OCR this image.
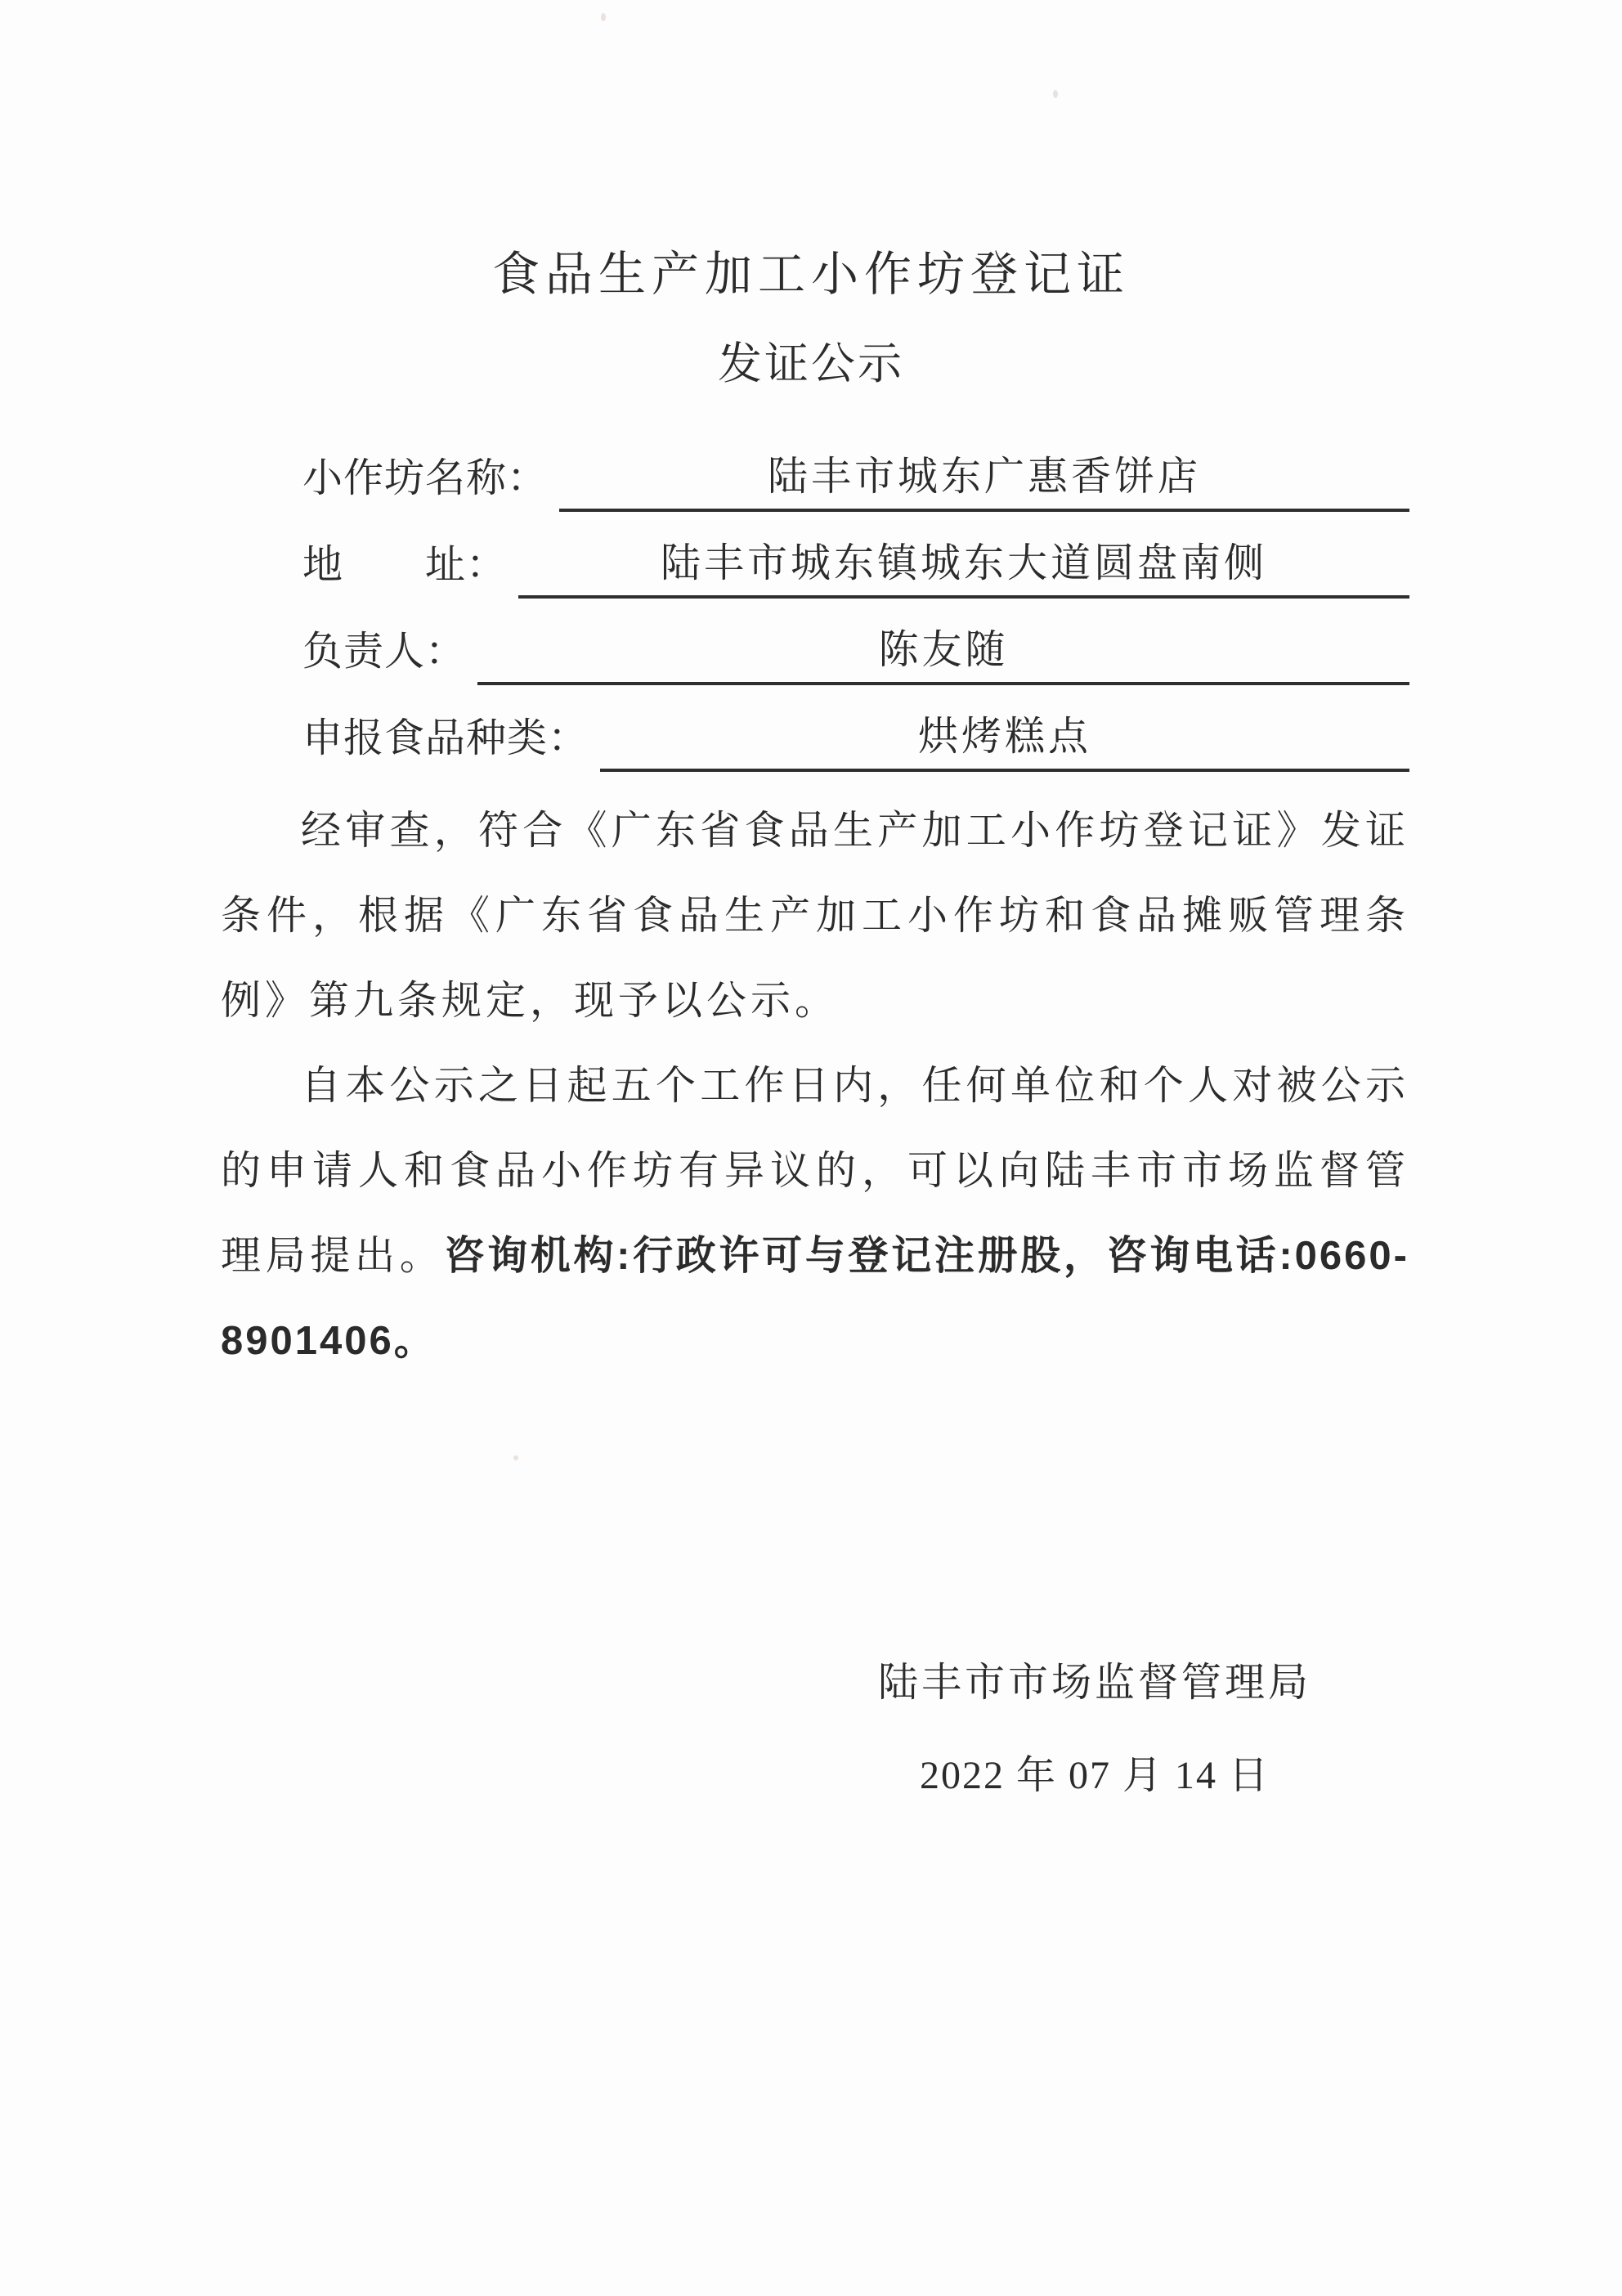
食品生产加工小作坊登记证
发证公示
小作坊名称：	陆丰市城东广惠香饼店
地　　址：	陆丰市城东镇城东大道圆盘南侧
负责人：	陈友随
申报食品种类：	烘烤糕点

经审查，符合《广东省食品生产加工小作坊登记证》发证条件，根据《广东省食品生产加工小作坊和食品摊贩管理条例》第九条规定，现予以公示。

自本公示之日起五个工作日内，任何单位和个人对被公示的申请人和食品小作坊有异议的，可以向陆丰市市场监督管理局提出。咨询机构:行政许可与登记注册股，咨询电话:0660-8901406。

陆丰市市场监督管理局
2022 年 07 月 14 日
